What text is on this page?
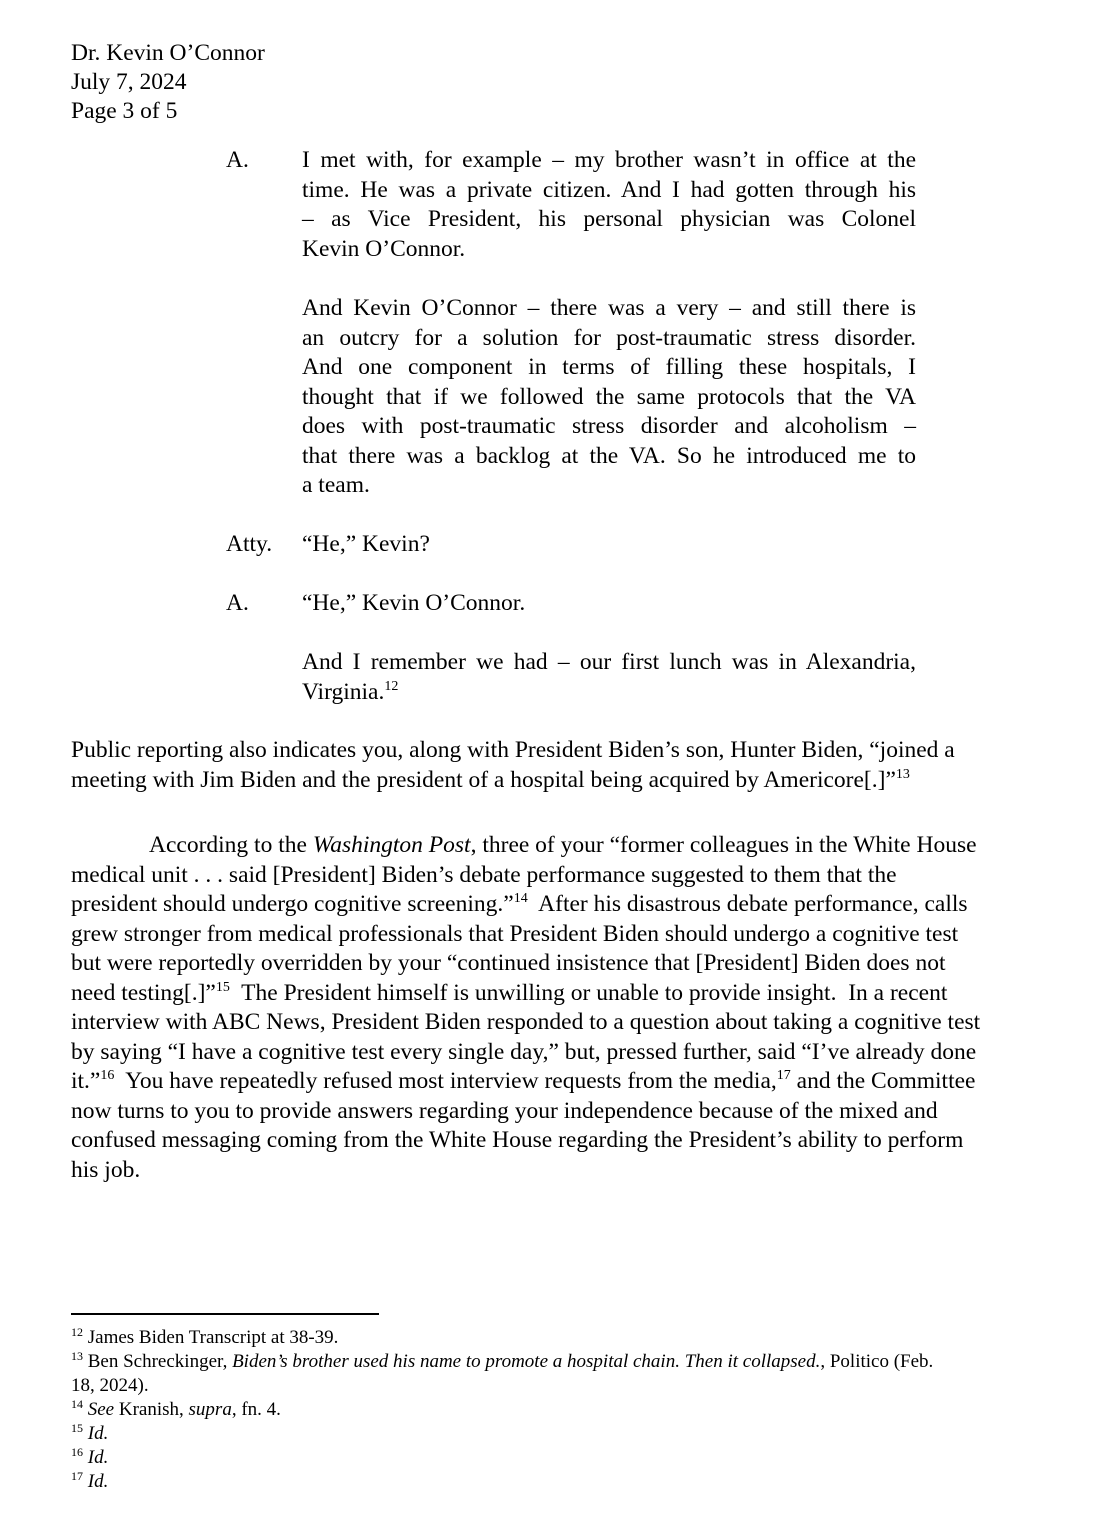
Dr. Kevin O’Connor
July 7, 2024
Page 3 of 5
A. I met with, for example – my brother wasn’t in office at the
time. He was a private citizen. And I had gotten through his
– as Vice President, his personal physician was Colonel
Kevin O’Connor.
And Kevin O’Connor – there was a very – and still there is
an outcry for a solution for post-traumatic stress disorder.
And one component in terms of filling these hospitals, I
thought that if we followed the same protocols that the VA
does with post-traumatic stress disorder and alcoholism –
that there was a backlog at the VA. So he introduced me to
a team.
Atty. “He,” Kevin?
A. “He,” Kevin O’Connor.
And I remember we had – our first lunch was in Alexandria,
Virginia.$^{12}$
Public reporting also indicates you, along with President Biden’s son, Hunter Biden, “joined a
meeting with Jim Biden and the president of a hospital being acquired by Americore[.]”$^{13}$
According to the Washington Post, three of your “former colleagues in the White House
medical unit . . . said [President] Biden’s debate performance suggested to them that the
president should undergo cognitive screening.”$^{14}$  After his disastrous debate performance, calls
grew stronger from medical professionals that President Biden should undergo a cognitive test
but were reportedly overridden by your “continued insistence that [President] Biden does not
need testing[.]”$^{15}$  The President himself is unwilling or unable to provide insight.  In a recent
interview with ABC News, President Biden responded to a question about taking a cognitive test
by saying “I have a cognitive test every single day,” but, pressed further, said “I’ve already done
it.”$^{16}$  You have repeatedly refused most interview requests from the media,$^{17}$ and the Committee
now turns to you to provide answers regarding your independence because of the mixed and
confused messaging coming from the White House regarding the President’s ability to perform
his job.
$^{12}$ James Biden Transcript at 38-39.
$^{13}$ Ben Schreckinger, Biden’s brother used his name to promote a hospital chain. Then it collapsed., Politico (Feb.
18, 2024).
$^{14}$ See Kranish, supra, fn. 4.
$^{15}$ Id.
$^{16}$ Id.
$^{17}$ Id.
